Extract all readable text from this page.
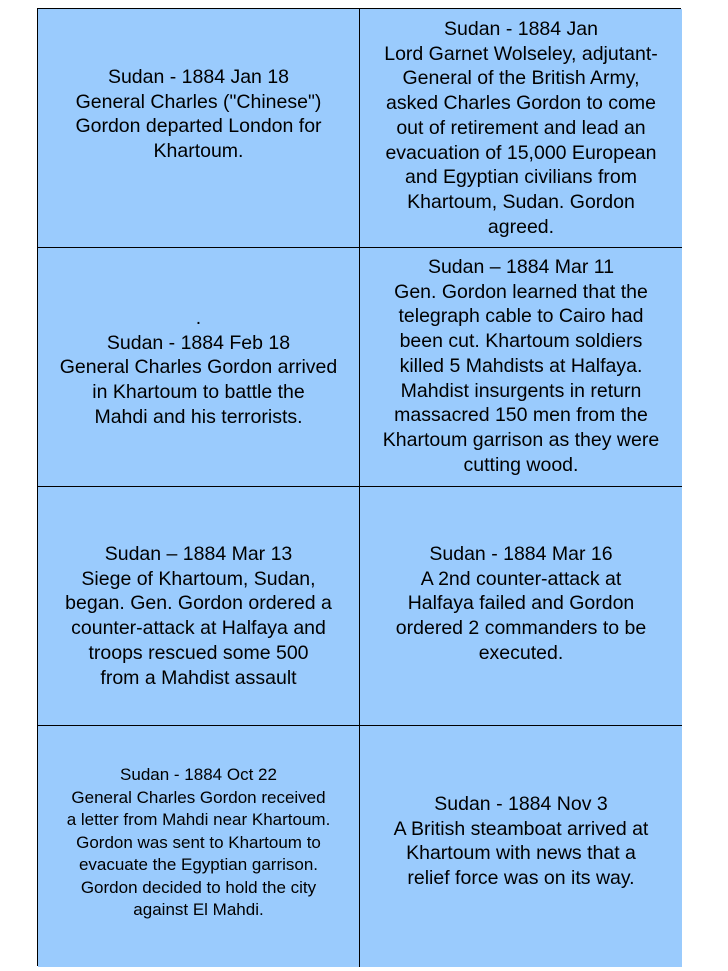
Sudan - 1884 Jan 18
General Charles ("Chinese")
Gordon departed London for
Khartoum.
Sudan - 1884 Jan
Lord Garnet Wolseley, adjutant-
General of the British Army,
asked Charles Gordon to come
out of retirement and lead an
evacuation of 15,000 European
and Egyptian civilians from
Khartoum, Sudan. Gordon
agreed.
.
Sudan - 1884 Feb 18
General Charles Gordon arrived
in Khartoum to battle the
Mahdi and his terrorists.
Sudan – 1884 Mar 11
Gen. Gordon learned that the
telegraph cable to Cairo had
been cut. Khartoum soldiers
killed 5 Mahdists at Halfaya.
Mahdist insurgents in return
massacred 150 men from the
Khartoum garrison as they were
cutting wood.
Sudan – 1884 Mar 13
Siege of Khartoum, Sudan,
began. Gen. Gordon ordered a
counter-attack at Halfaya and
troops rescued some 500
from a Mahdist assault
Sudan - 1884 Mar 16
A 2nd counter-attack at
Halfaya failed and Gordon
ordered 2 commanders to be
executed.
Sudan - 1884 Oct 22
General Charles Gordon received
a letter from Mahdi near Khartoum.
Gordon was sent to Khartoum to
evacuate the Egyptian garrison.
Gordon decided to hold the city
against El Mahdi.
Sudan - 1884 Nov 3
A British steamboat arrived at
Khartoum with news that a
relief force was on its way.
